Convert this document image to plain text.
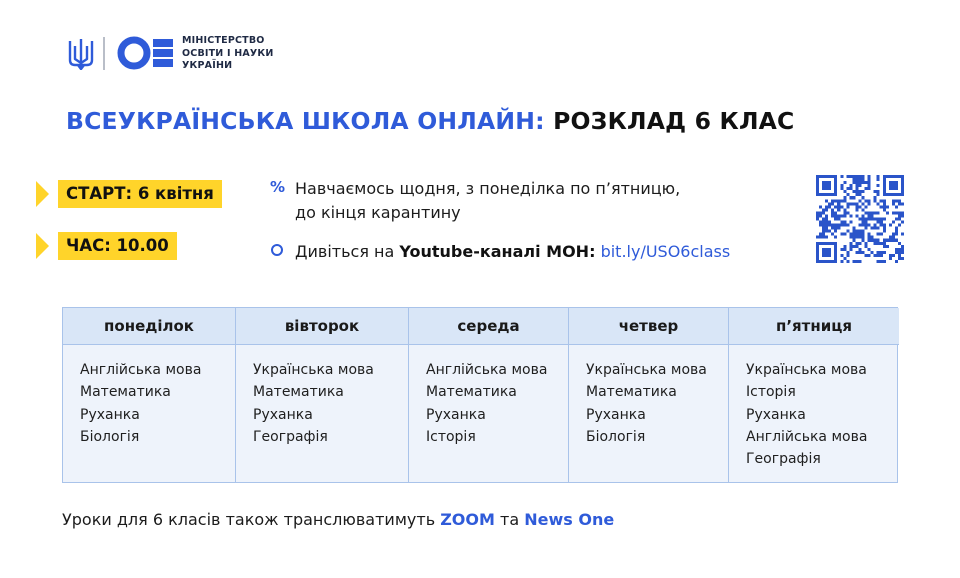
МІНІСТЕРСТВО
ОСВІТИ І НАУКИ
УКРАЇНИ
ВСЕУКРАЇНСЬКА ШКОЛА ОНЛАЙН: РОЗКЛАД 6 КЛАС
СТАРТ: 6 квітня
ЧАС: 10.00
% Навчаємось щодня, з понеділка по п’ятницю,
до кінця карантину
Дивіться на Youtube-каналі МОН: bit.ly/USO6class
понеділок
Англійська мова
Математика
Руханка
Біологія
вівторок
Українська мова
Математика
Руханка
Географія
середа
Англійська мова
Математика
Руханка
Історія
четвер
Українська мова
Математика
Руханка
Біологія
п’ятниця
Українська мова
Історія
Руханка
Англійська мова
Географія
Уроки для 6 класів також транслюватимуть ZOOM та News One
